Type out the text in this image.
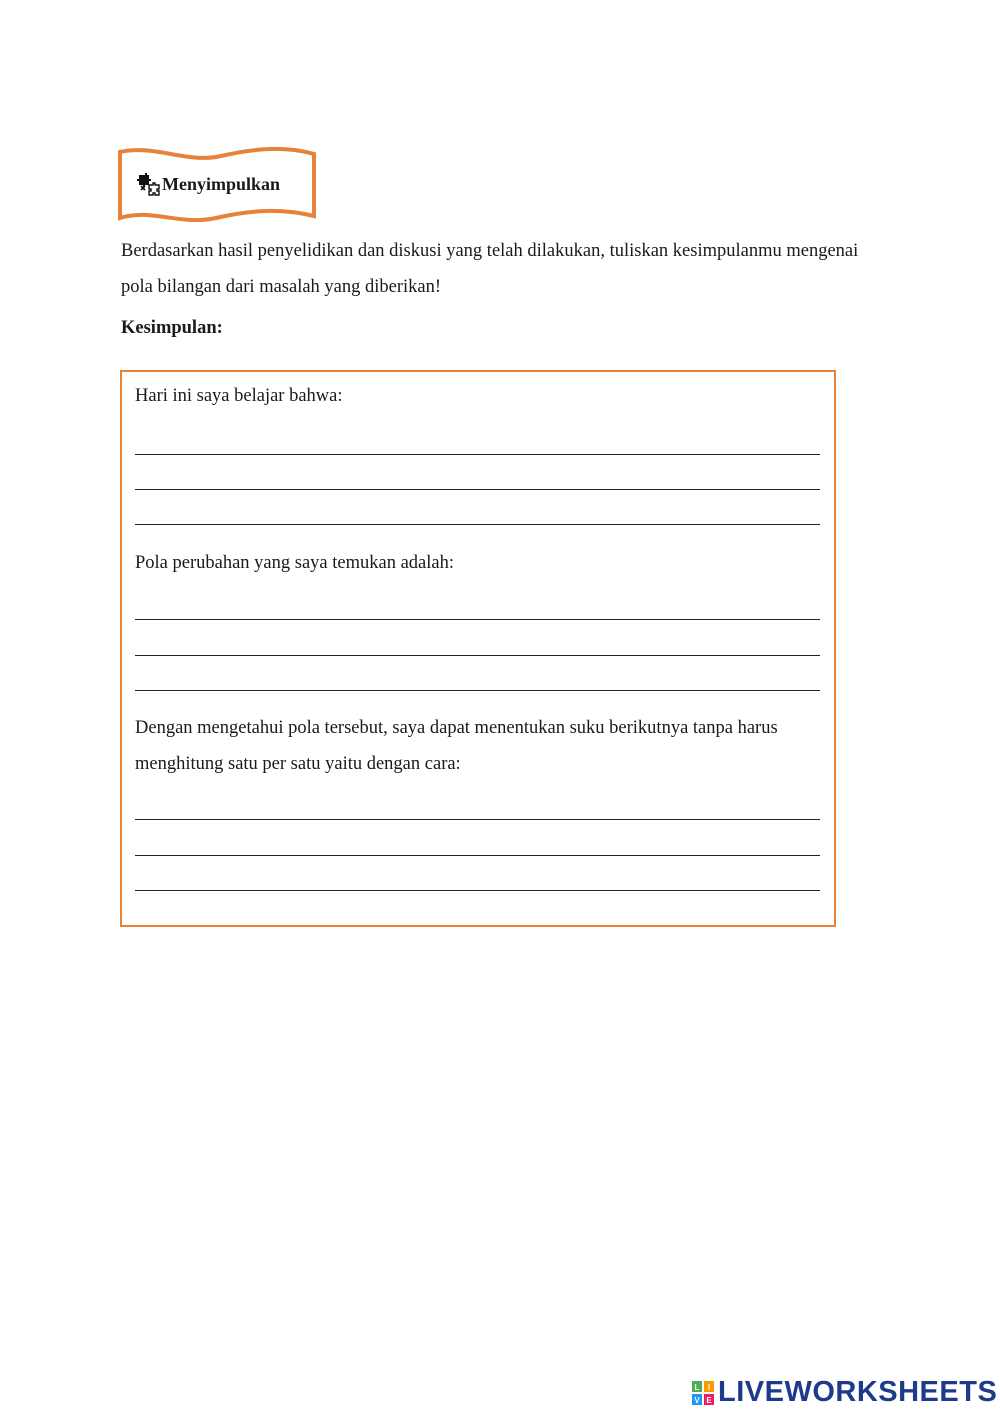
Menyimpulkan
Berdasarkan hasil penyelidikan dan diskusi yang telah dilakukan, tuliskan kesimpulanmu mengenai pola bilangan dari masalah yang diberikan!
Kesimpulan:
Hari ini saya belajar bahwa:
Pola perubahan yang saya temukan adalah:
Dengan mengetahui pola tersebut, saya dapat menentukan suku berikutnya tanpa harus menghitung satu per satu yaitu dengan cara:
L I
V E LIVEWORKSHEETS
